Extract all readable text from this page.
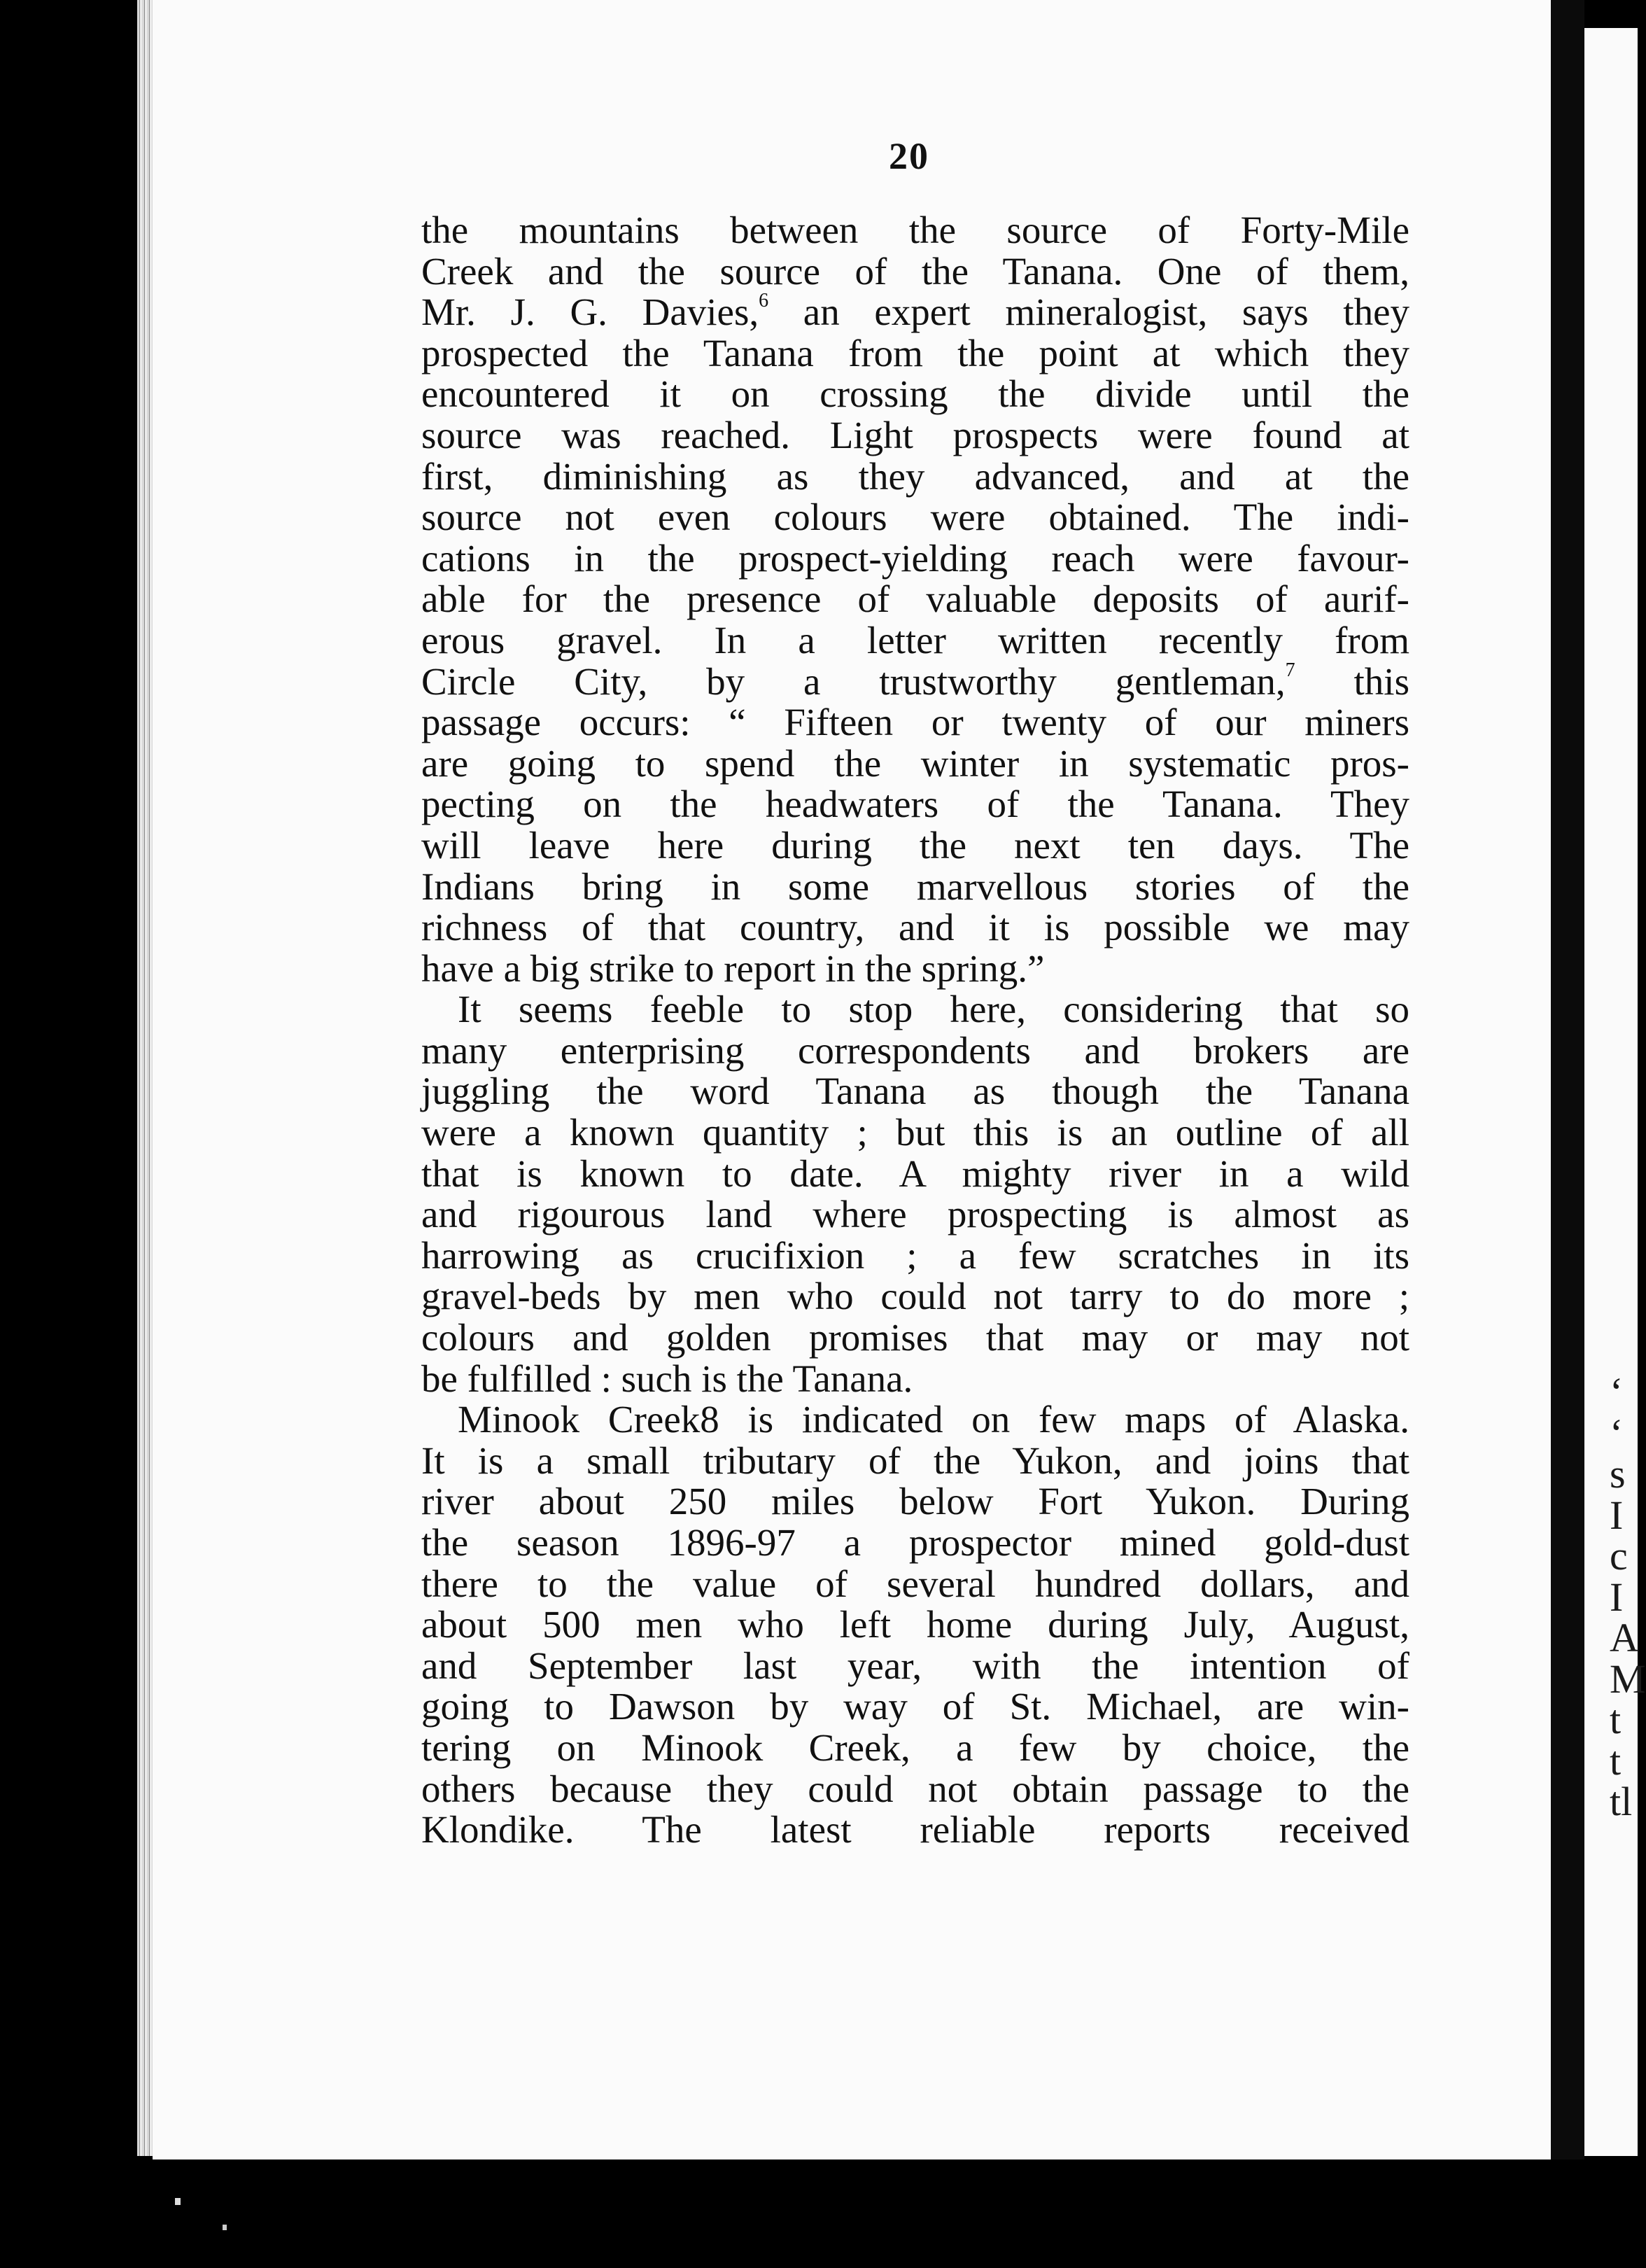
‘
‘
s
I
c
I
A
M
t
t
tl
20
the mountains between the source of Forty-Mile
Creek and the source of the Tanana. One of them,
Mr. J. G. Davies,$^6$ an expert mineralogist, says they
prospected the Tanana from the point at which they
encountered it on crossing the divide until the
source was reached. Light prospects were found at
first, diminishing as they advanced, and at the
source not even colours were obtained. The indi-
cations in the prospect-yielding reach were favour-
able for the presence of valuable deposits of aurif-
erous gravel. In a letter written recently from
Circle City, by a trustworthy gentleman,$^7$ this
passage occurs: “ Fifteen or twenty of our miners
are going to spend the winter in systematic pros-
pecting on the headwaters of the Tanana. They
will leave here during the next ten days. The
Indians bring in some marvellous stories of the
richness of that country, and it is possible we may
have a big strike to report in the spring.”
It seems feeble to stop here, considering that so
many enterprising correspondents and brokers are
juggling the word Tanana as though the Tanana
were a known quantity ; but this is an outline of all
that is known to date. A mighty river in a wild
and rigourous land where prospecting is almost as
harrowing as crucifixion ; a few scratches in its
gravel-beds by men who could not tarry to do more ;
colours and golden promises that may or may not
be fulfilled : such is the Tanana.
Minook Creek8 is indicated on few maps of Alaska.
It is a small tributary of the Yukon, and joins that
river about 250 miles below Fort Yukon. During
the season 1896-97 a prospector mined gold-dust
there to the value of several hundred dollars, and
about 500 men who left home during July, August,
and September last year, with the intention of
going to Dawson by way of St. Michael, are win-
tering on Minook Creek, a few by choice, the
others because they could not obtain passage to the
Klondike. The latest reliable reports received
